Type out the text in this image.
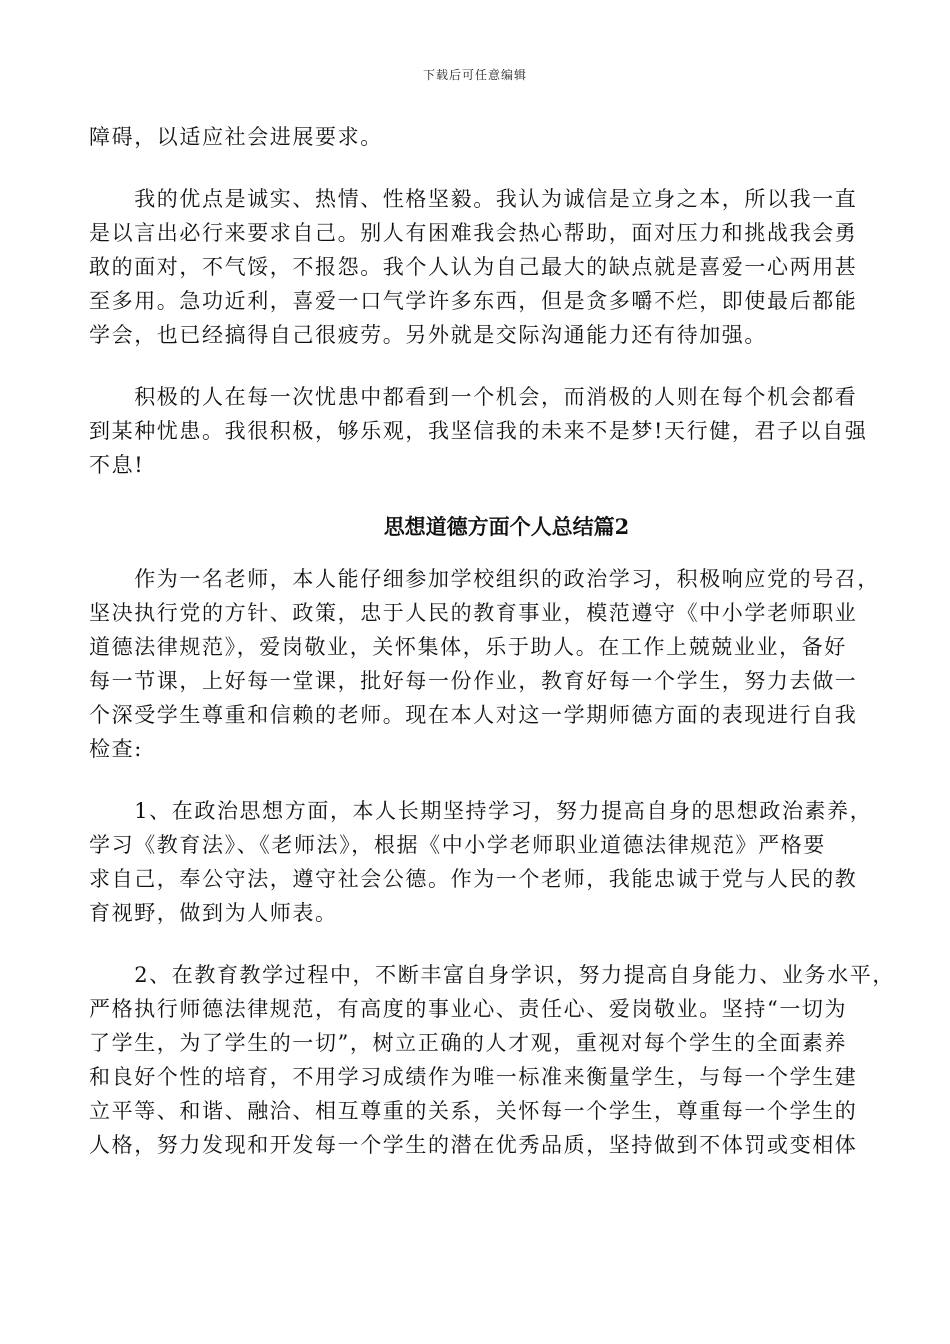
下载后可任意编辑
障碍，以适应社会进展要求。
　　我的优点是诚实、热情、性格坚毅。我认为诚信是立身之本，所以我一直
是以言出必行来要求自己。别人有困难我会热心帮助，面对压力和挑战我会勇
敢的面对，不气馁，不报怨。我个人认为自己最大的缺点就是喜爱一心两用甚
至多用。急功近利，喜爱一口气学许多东西，但是贪多嚼不烂，即使最后都能
学会，也已经搞得自己很疲劳。另外就是交际沟通能力还有待加强。
　　积极的人在每一次忧患中都看到一个机会，而消极的人则在每个机会都看
到某种忧患。我很积极，够乐观，我坚信我的未来不是梦!天行健，君子以自强
不息!
思想道德方面个人总结篇2
　　作为一名老师，本人能仔细参加学校组织的政治学习，积极响应党的号召，
坚决执行党的方针、政策，忠于人民的教育事业，模范遵守《中小学老师职业
道德法律规范》，爱岗敬业，关怀集体，乐于助人。在工作上兢兢业业，备好
每一节课，上好每一堂课，批好每一份作业，教育好每一个学生，努力去做一
个深受学生尊重和信赖的老师。现在本人对这一学期师德方面的表现进行自我
检查:
　　1、在政治思想方面，本人长期坚持学习，努力提高自身的思想政治素养，
学习《教育法》、《老师法》，根据《中小学老师职业道德法律规范》严格要
求自己，奉公守法，遵守社会公德。作为一个老师，我能忠诚于党与人民的教
育视野，做到为人师表。
　　2、在教育教学过程中，不断丰富自身学识，努力提高自身能力、业务水平，
严格执行师德法律规范，有高度的事业心、责任心、爱岗敬业。坚持“一切为
了学生，为了学生的一切”，树立正确的人才观，重视对每个学生的全面素养
和良好个性的培育，不用学习成绩作为唯一标准来衡量学生，与每一个学生建
立平等、和谐、融洽、相互尊重的关系，关怀每一个学生，尊重每一个学生的
人格，努力发现和开发每一个学生的潜在优秀品质，坚持做到不体罚或变相体
